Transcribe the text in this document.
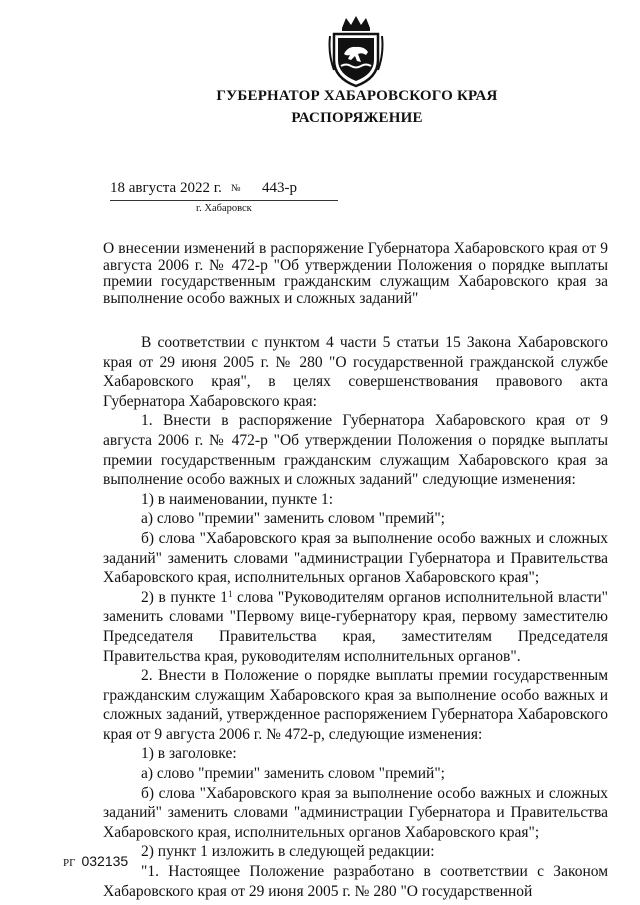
ГУБЕРНАТОР ХАБАРОВСКОГО КРАЯ
РАСПОРЯЖЕНИЕ
18 августа 2022 г. № 443-р
г. Хабаровск
О внесении изменений в распоряжение Губернатора Хабаровского края от 9 августа 2006 г. № 472-р "Об утверждении Положения о порядке выплаты премии государственным гражданским служащим Хабаровского края за выполнение особо важных и сложных заданий"

В соответствии с пунктом 4 части 5 статьи 15 Закона Хабаровского края от 29 июня 2005 г. № 280 "О государственной гражданской службе Хабаровского края", в целях совершенствования правового акта Губернатора Хабаровского края:

1. Внести в распоряжение Губернатора Хабаровского края от 9 августа 2006 г. № 472-р "Об утверждении Положения о порядке выплаты премии государственным гражданским служащим Хабаровского края за выполнение особо важных и сложных заданий" следующие изменения:

1) в наименовании, пункте 1:

а) слово "премии" заменить словом "премий";

б) слова "Хабаровского края за выполнение особо важных и сложных заданий" заменить словами "администрации Губернатора и Правительства Хабаровского края, исполнительных органов Хабаровского края";

2) в пункте $1^1$ слова "Руководителям органов исполнительной власти" заменить словами "Первому вице-губернатору края, первому заместителю Председателя Правительства края, заместителям Председателя Правительства края, руководителям исполнительных органов".

2. Внести в Положение о порядке выплаты премии государственным гражданским служащим Хабаровского края за выполнение особо важных и сложных заданий, утвержденное распоряжением Губернатора Хабаровского края от 9 августа 2006 г. № 472-р, следующие изменения:

1) в заголовке:

а) слово "премии" заменить словом "премий";

б) слова "Хабаровского края за выполнение особо важных и сложных заданий" заменить словами "администрации Губернатора и Правительства Хабаровского края, исполнительных органов Хабаровского края";

2) пункт 1 изложить в следующей редакции:

"1. Настоящее Положение разработано в соответствии с Законом Хабаровского края от 29 июня 2005 г. № 280 "О государственной

РГ 032135
